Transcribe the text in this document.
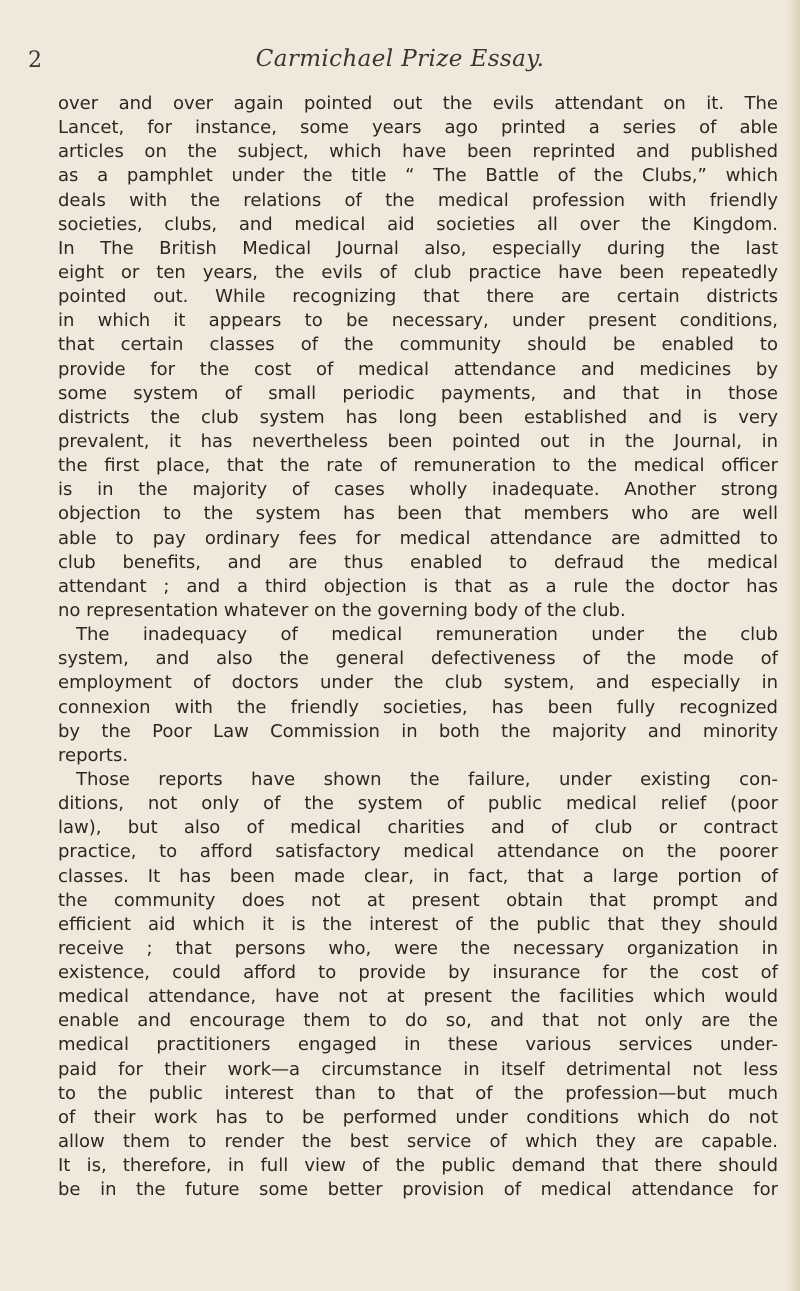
2	Carmichael Prize Essay.
over and over again pointed out the evils attendant on it. The
Lancet, for instance, some years ago printed a series of able
articles on the subject, which have been reprinted and published
as a pamphlet under the title “ The Battle of the Clubs,” which
deals with the relations of the medical profession with friendly
societies, clubs, and medical aid societies all over the Kingdom.
In The British Medical Journal also, especially during the last
eight or ten years, the evils of club practice have been repeatedly
pointed out. While recognizing that there are certain districts
in which it appears to be necessary, under present conditions,
that certain classes of the community should be enabled to
provide for the cost of medical attendance and medicines by
some system of small periodic payments, and that in those
districts the club system has long been established and is very
prevalent, it has nevertheless been pointed out in the Journal, in
the first place, that the rate of remuneration to the medical officer
is in the majority of cases wholly inadequate. Another strong
objection to the system has been that members who are well
able to pay ordinary fees for medical attendance are admitted to
club benefits, and are thus enabled to defraud the medical
attendant ; and a third objection is that as a rule the doctor has
no representation whatever on the governing body of the club.
The inadequacy of medical remuneration under the club
system, and also the general defectiveness of the mode of
employment of doctors under the club system, and especially in
connexion with the friendly societies, has been fully recognized
by the Poor Law Commission in both the majority and minority
reports.
Those reports have shown the failure, under existing con-
ditions, not only of the system of public medical relief (poor
law), but also of medical charities and of club or contract
practice, to afford satisfactory medical attendance on the poorer
classes. It has been made clear, in fact, that a large portion of
the community does not at present obtain that prompt and
efficient aid which it is the interest of the public that they should
receive ; that persons who, were the necessary organization in
existence, could afford to provide by insurance for the cost of
medical attendance, have not at present the facilities which would
enable and encourage them to do so, and that not only are the
medical practitioners engaged in these various services under-
paid for their work—a circumstance in itself detrimental not less
to the public interest than to that of the profession—but much
of their work has to be performed under conditions which do not
allow them to render the best service of which they are capable.
It is, therefore, in full view of the public demand that there should
be in the future some better provision of medical attendance for
